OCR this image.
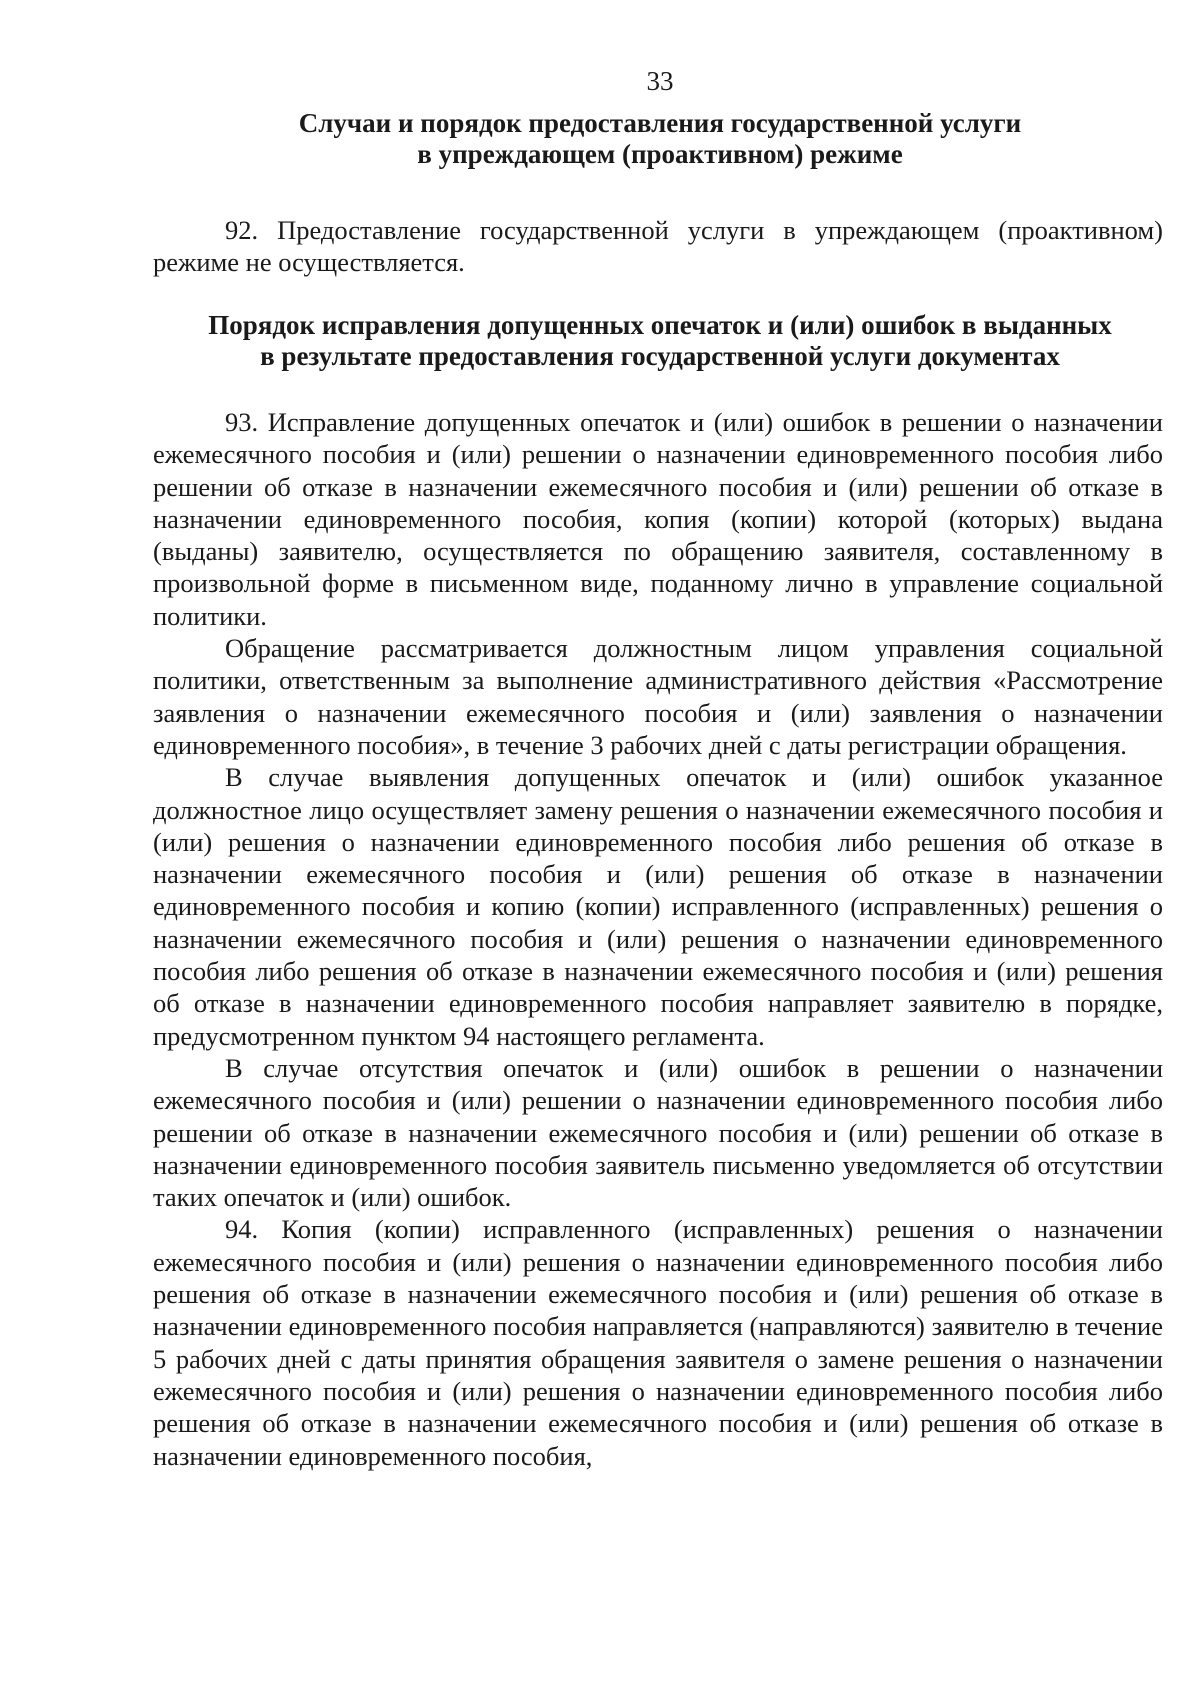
33
Случаи и порядок предоставления государственной услуги
в упреждающем (проактивном) режиме

92. Предоставление государственной услуги в упреждающем (проактивном) режиме не осуществляется.

Порядок исправления допущенных опечаток и (или) ошибок в выданных
в результате предоставления государственной услуги документах

93. Исправление допущенных опечаток и (или) ошибок в решении о назначении ежемесячного пособия и (или) решении о назначении единовременного пособия либо решении об отказе в назначении ежемесячного пособия и (или) решении об отказе в назначении единовременного пособия, копия (копии) которой (которых) выдана (выданы) заявителю, осуществляется по обращению заявителя, составленному в произвольной форме в письменном виде, поданному лично в управление социальной политики.

Обращение рассматривается должностным лицом управления социальной политики, ответственным за выполнение административного действия «Рассмотрение заявления о назначении ежемесячного пособия и (или) заявления о назначении единовременного пособия», в течение 3 рабочих дней с даты регистрации обращения.

В случае выявления допущенных опечаток и (или) ошибок указанное должностное лицо осуществляет замену решения о назначении ежемесячного пособия и (или) решения о назначении единовременного пособия либо решения об отказе в назначении ежемесячного пособия и (или) решения об отказе в назначении единовременного пособия и копию (копии) исправленного (исправленных) решения о назначении ежемесячного пособия и (или) решения о назначении единовременного пособия либо решения об отказе в назначении ежемесячного пособия и (или) решения об отказе в назначении единовременного пособия направляет заявителю в порядке, предусмотренном пунктом 94 настоящего регламента.

В случае отсутствия опечаток и (или) ошибок в решении о назначении ежемесячного пособия и (или) решении о назначении единовременного пособия либо решении об отказе в назначении ежемесячного пособия и (или) решении об отказе в назначении единовременного пособия заявитель письменно уведомляется об отсутствии таких опечаток и (или) ошибок.

94. Копия (копии) исправленного (исправленных) решения о назначении ежемесячного пособия и (или) решения о назначении единовременного пособия либо решения об отказе в назначении ежемесячного пособия и (или) решения об отказе в назначении единовременного пособия направляется (направляются) заявителю в течение 5 рабочих дней с даты принятия обращения заявителя о замене решения о назначении ежемесячного пособия и (или) решения о назначении единовременного пособия либо решения об отказе в назначении ежемесячного пособия и (или) решения об отказе в назначении единовременного пособия,
